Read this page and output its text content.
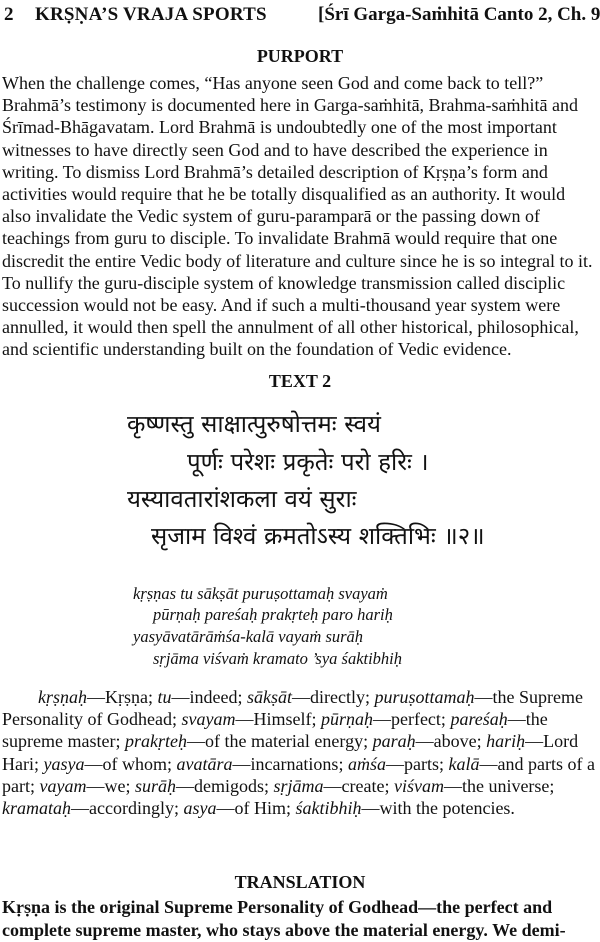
2 KRṢṆA’S VRAJA SPORTS	[Śrī Garga-Saṁhitā Canto 2, Ch. 9
PURPORT
When the challenge comes, “Has anyone seen God and come back to tell?” Brahmā’s testimony is documented here in Garga-saṁhitā, Brahma-saṁhitā and Śrīmad-Bhāgavatam. Lord Brahmā is undoubtedly one of the most important witnesses to have directly seen God and to have described the experience in writing. To dismiss Lord Brahmā’s detailed description of Kṛṣṇa’s form and activities would require that he be totally disqualified as an authority. It would also invalidate the Vedic system of guru-paramparā or the passing down of teachings from guru to disciple. To invalidate Brahmā would require that one discredit the entire Vedic body of literature and culture since he is so integral to it. To nullify the guru-disciple system of knowledge transmission called disciplic succession would not be easy. And if such a multi-thousand year system were annulled, it would then spell the annulment of all other historical, philosophical, and scientific understanding built on the foundation of Vedic evidence.
TEXT 2
कृष्णस्तु साक्षात्पुरुषोत्तमः स्वयं
पूर्णः परेशः प्रकृतेः परो हरिः ।
यस्यावतारांशकला वयं सुराः
सृजाम विश्वं क्रमतोऽस्य शक्तिभिः ॥२॥
kṛṣṇas tu sākṣāt puruṣottamaḥ svayaṁ
pūrṇaḥ pareśaḥ prakṛteḥ paro hariḥ
yasyāvatārāṁśa-kalā vayaṁ surāḥ
sṛjāma viśvaṁ kramato ’sya śaktibhiḥ
kṛṣṇaḥ—Kṛṣṇa; tu—indeed; sākṣāt—directly; puruṣottamaḥ—the Supreme Personality of Godhead; svayam—Himself; pūrṇaḥ—perfect; pareśaḥ—the supreme master; prakṛteḥ—of the material energy; paraḥ—above; hariḥ—Lord Hari; yasya—of whom; avatāra—incarnations; aṁśa—parts; kalā—and parts of a part; vayam—we; surāḥ—demigods; sṛjāma—create; viśvam—the universe; kramataḥ—accordingly; asya—of Him; śaktibhiḥ—with the potencies.
TRANSLATION
Kṛṣṇa is the original Supreme Personality of Godhead—the perfect and complete supreme master, who stays above the material energy. We demi-
